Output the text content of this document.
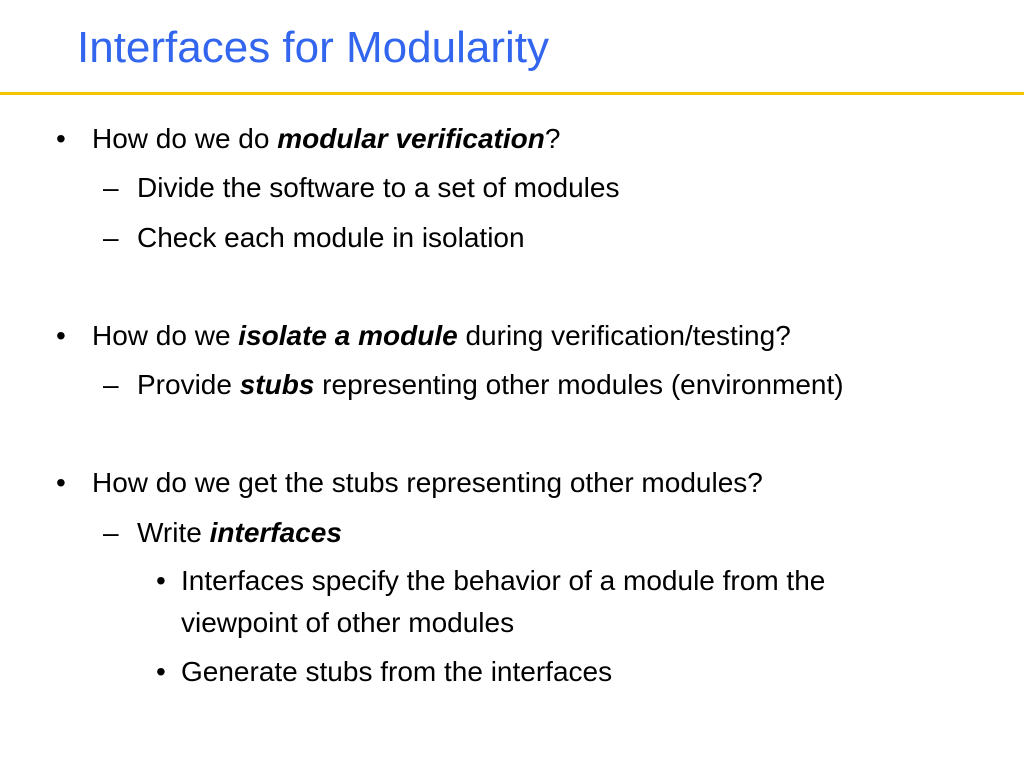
Interfaces for Modularity
• How do we do modular verification?
– Divide the software to a set of modules
– Check each module in isolation
• How do we isolate a module during verification/testing?
– Provide stubs representing other modules (environment)
• How do we get the stubs representing other modules?
– Write interfaces
• Interfaces specify the behavior of a module from the
viewpoint of other modules
• Generate stubs from the interfaces
